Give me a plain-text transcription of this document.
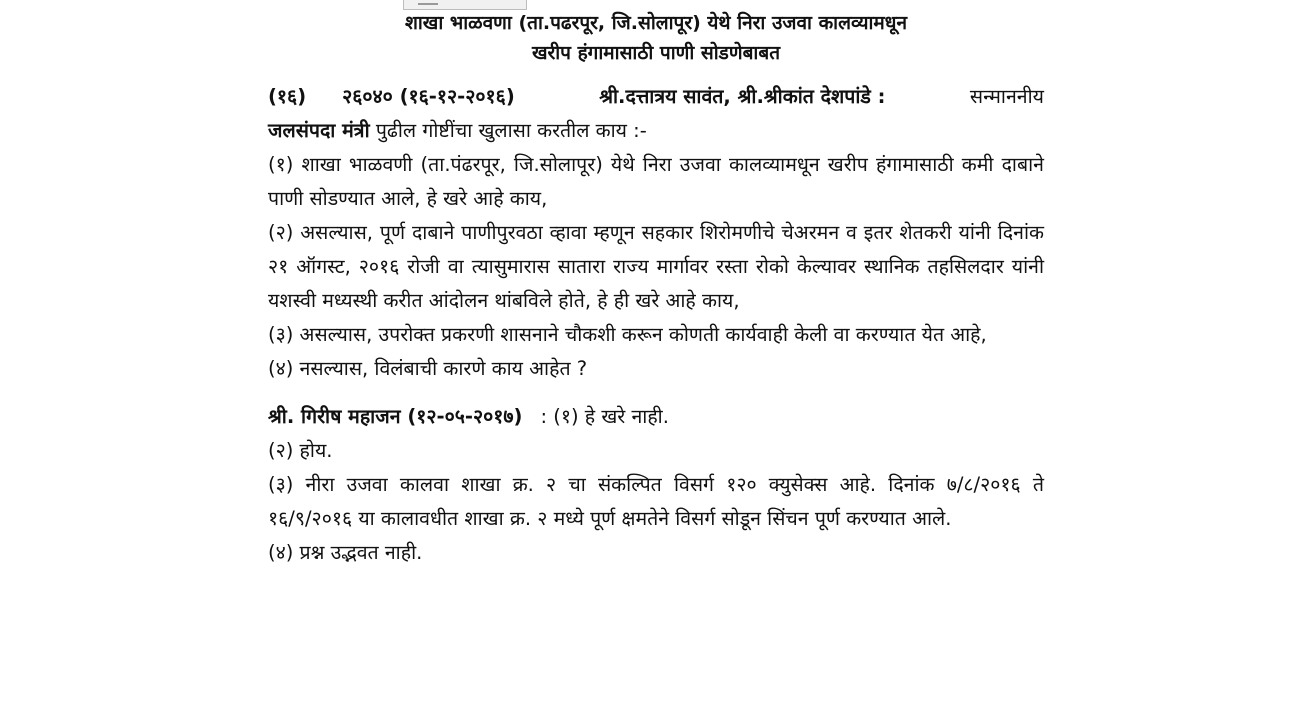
शाखा भाळवणा (ता.पढरपूर, जि.सोलापूर) येथे निरा उजवा कालव्यामधून
खरीप हंगामासाठी पाणी सोडणेबाबत
(१६) २६०४० (१६-१२-२०१६)	श्री.दत्तात्रय सावंत, श्री.श्रीकांत देशपांडे :	सन्माननीय

जलसंपदा मंत्री पुढील गोष्टींचा खुलासा करतील काय :-

(१) शाखा भाळवणी (ता.पंढरपूर, जि.सोलापूर) येथे निरा उजवा कालव्यामधून खरीप हंगामासाठी कमी दाबाने पाणी सोडण्यात आले, हे खरे आहे काय,

(२) असल्यास, पूर्ण दाबाने पाणीपुरवठा व्हावा म्हणून सहकार शिरोमणीचे चेअरमन व इतर शेतकरी यांनी दिनांक २१ ऑगस्ट, २०१६ रोजी वा त्यासुमारास सातारा राज्य मार्गावर रस्ता रोको केल्यावर स्थानिक तहसिलदार यांनी यशस्वी मध्यस्थी करीत आंदोलन थांबविले होते, हे ही खरे आहे काय,

(३) असल्यास, उपरोक्त प्रकरणी शासनाने चौकशी करून कोणती कार्यवाही केली वा करण्यात येत आहे,

(४) नसल्यास, विलंबाची कारणे काय आहेत ?

श्री. गिरीष महाजन (१२-०५-२०१७) : (१) हे खरे नाही.

(२) होय.

(३) नीरा उजवा कालवा शाखा क्र. २ चा संकल्पित विसर्ग १२० क्युसेक्स आहे. दिनांक ७/८/२०१६ ते १६/९/२०१६ या कालावधीत शाखा क्र. २ मध्ये पूर्ण क्षमतेने विसर्ग सोडून सिंचन पूर्ण करण्यात आले.

(४) प्रश्न उद्भवत नाही.
